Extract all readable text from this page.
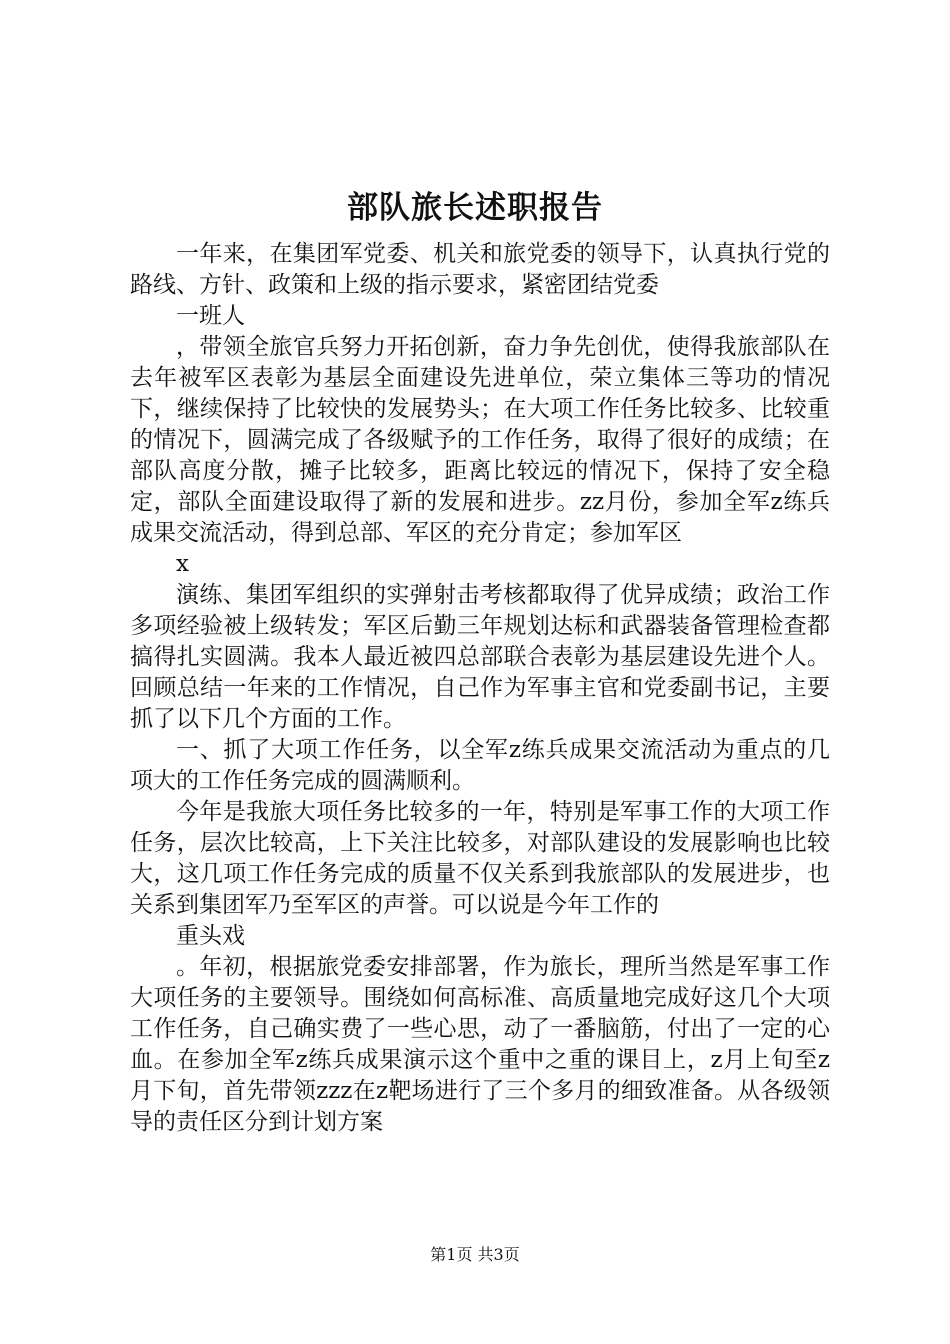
部队旅长述职报告

一年来，在集团军党委、机关和旅党委的领导下，认真执行党的路线、方针、政策和上级的指示要求，紧密团结党委

一班人

，带领全旅官兵努力开拓创新，奋力争先创优，使得我旅部队在去年被军区表彰为基层全面建设先进单位，荣立集体三等功的情况下，继续保持了比较快的发展势头；在大项工作任务比较多、比较重的情况下，圆满完成了各级赋予的工作任务，取得了很好的成绩；在部队高度分散，摊子比较多，距离比较远的情况下，保持了安全稳定，部队全面建设取得了新的发展和进步。zz月份，参加全军z练兵成果交流活动，得到总部、军区的充分肯定；参加军区

x

演练、集团军组织的实弹射击考核都取得了优异成绩；政治工作多项经验被上级转发；军区后勤三年规划达标和武器装备管理检查都搞得扎实圆满。我本人最近被四总部联合表彰为基层建设先进个人。回顾总结一年来的工作情况，自己作为军事主官和党委副书记，主要抓了以下几个方面的工作。

一、抓了大项工作任务，以全军z练兵成果交流活动为重点的几项大的工作任务完成的圆满顺利。

今年是我旅大项任务比较多的一年，特别是军事工作的大项工作任务，层次比较高，上下关注比较多，对部队建设的发展影响也比较大，这几项工作任务完成的质量不仅关系到我旅部队的发展进步，也关系到集团军乃至军区的声誉。可以说是今年工作的

重头戏

。年初，根据旅党委安排部署，作为旅长，理所当然是军事工作大项任务的主要领导。围绕如何高标准、高质量地完成好这几个大项工作任务，自己确实费了一些心思，动了一番脑筋，付出了一定的心血。在参加全军z练兵成果演示这个重中之重的课目上，z月上旬至z月下旬，首先带领zzz在z靶场进行了三个多月的细致准备。从各级领导的责任区分到计划方案

第1页 共3页
